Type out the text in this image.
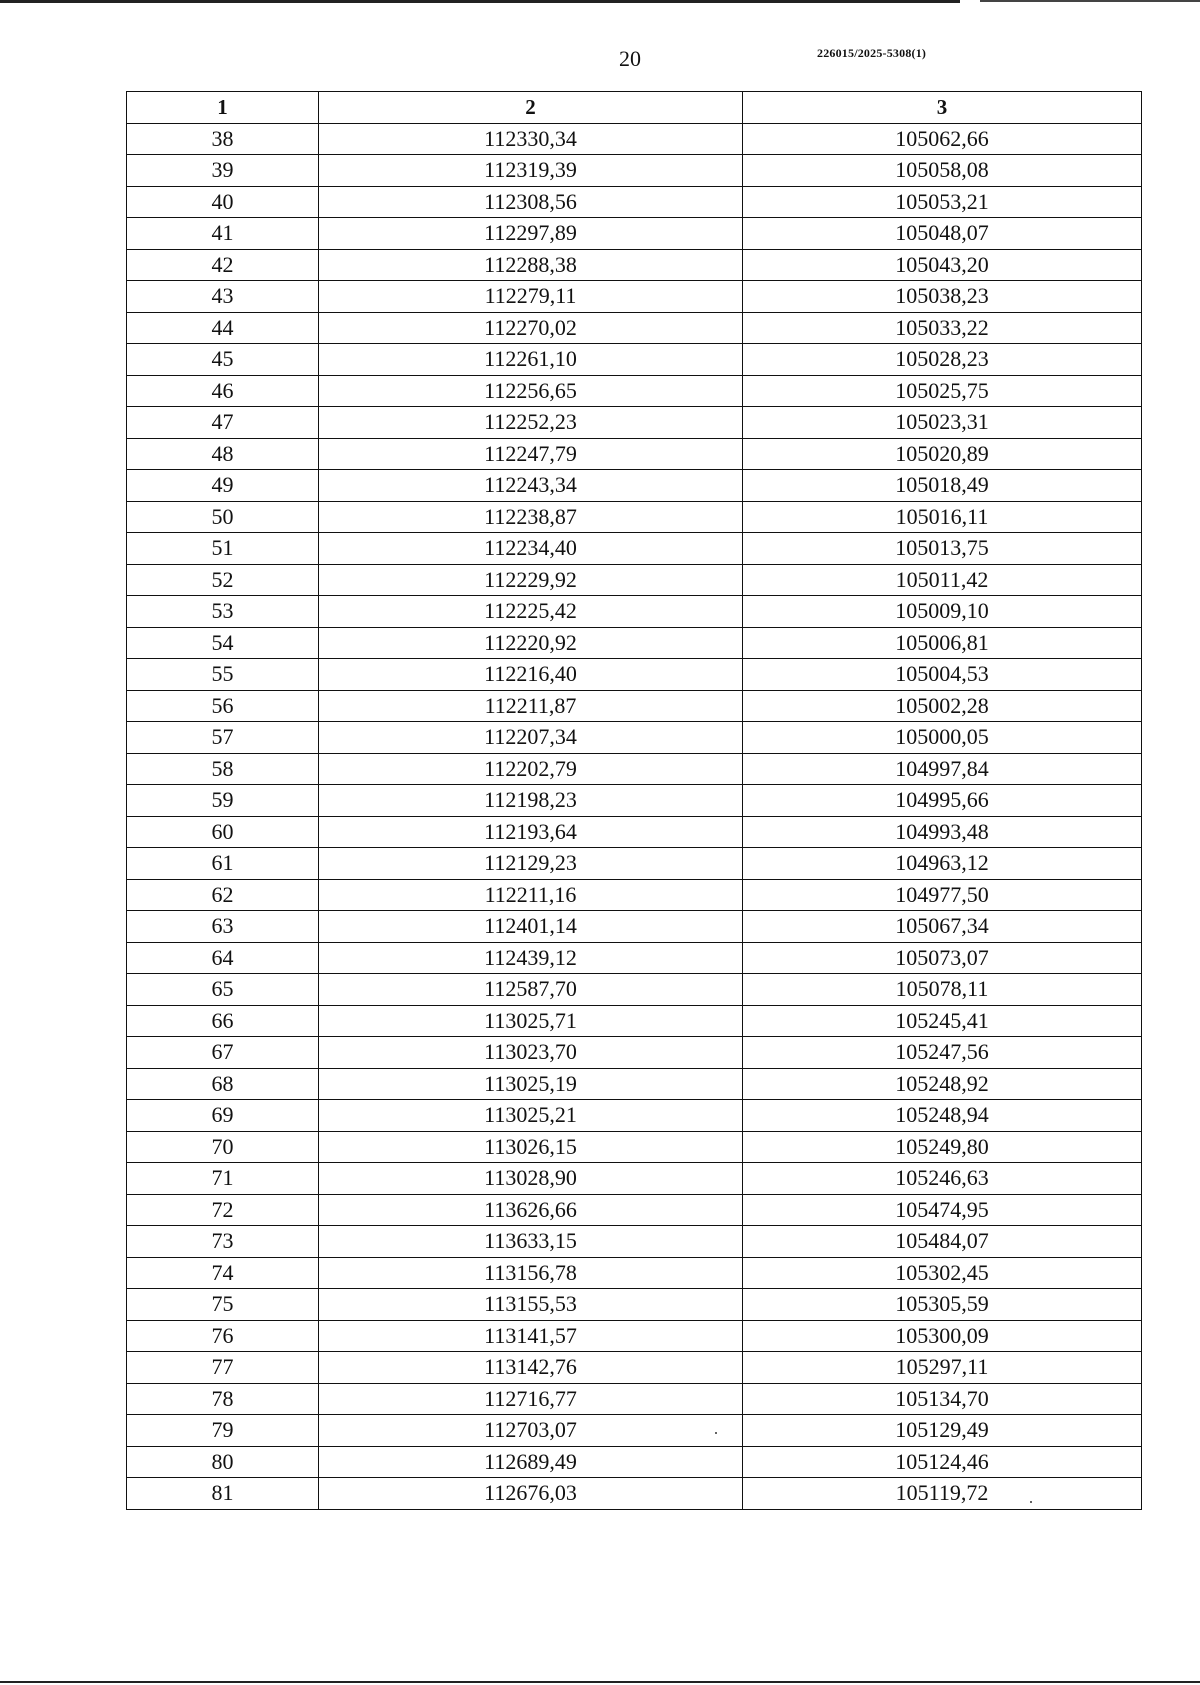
20	226015/2025-5308(1)
1	2	3
38	112330,34	105062,66
39	112319,39	105058,08
40	112308,56	105053,21
41	112297,89	105048,07
42	112288,38	105043,20
43	112279,11	105038,23
44	112270,02	105033,22
45	112261,10	105028,23
46	112256,65	105025,75
47	112252,23	105023,31
48	112247,79	105020,89
49	112243,34	105018,49
50	112238,87	105016,11
51	112234,40	105013,75
52	112229,92	105011,42
53	112225,42	105009,10
54	112220,92	105006,81
55	112216,40	105004,53
56	112211,87	105002,28
57	112207,34	105000,05
58	112202,79	104997,84
59	112198,23	104995,66
60	112193,64	104993,48
61	112129,23	104963,12
62	112211,16	104977,50
63	112401,14	105067,34
64	112439,12	105073,07
65	112587,70	105078,11
66	113025,71	105245,41
67	113023,70	105247,56
68	113025,19	105248,92
69	113025,21	105248,94
70	113026,15	105249,80
71	113028,90	105246,63
72	113626,66	105474,95
73	113633,15	105484,07
74	113156,78	105302,45
75	113155,53	105305,59
76	113141,57	105300,09
77	113142,76	105297,11
78	112716,77	105134,70
79	112703,07	105129,49
80	112689,49	105124,46
81	112676,03	105119,72
